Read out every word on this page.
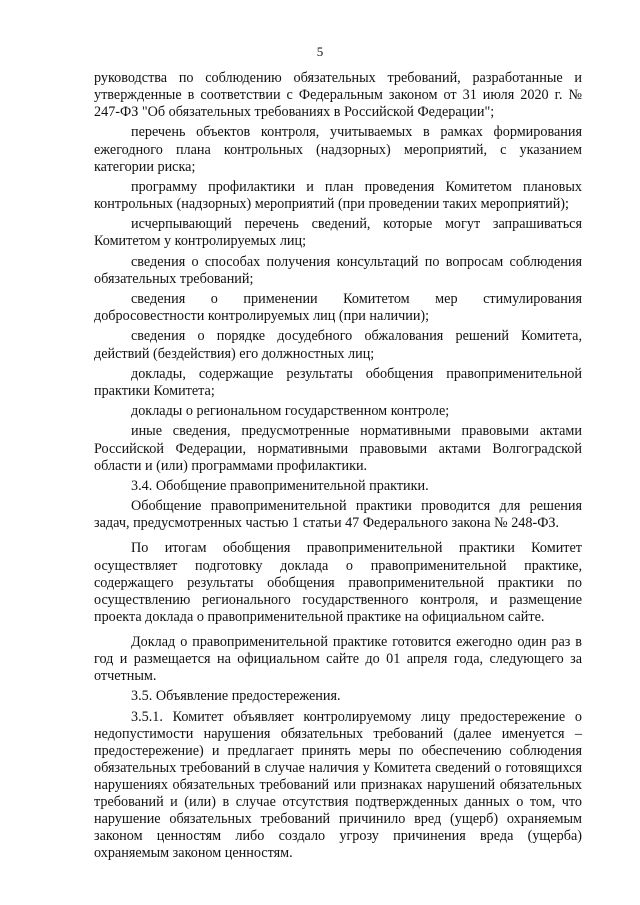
5

руководства по соблюдению обязательных требований, разработанные и утвержденные в соответствии с Федеральным законом от 31 июля 2020 г. № 247-ФЗ "Об обязательных требованиях в Российской Федерации";

перечень объектов контроля, учитываемых в рамках формирования ежегодного плана контрольных (надзорных) мероприятий, с указанием категории риска;

программу профилактики и план проведения Комитетом плановых контрольных (надзорных) мероприятий (при проведении таких мероприятий);

исчерпывающий перечень сведений, которые могут запрашиваться Комитетом у контролируемых лиц;

сведения о способах получения консультаций по вопросам соблюдения обязательных требований;

сведения о применении Комитетом мер стимулирования добросовестности контролируемых лиц (при наличии);

сведения о порядке досудебного обжалования решений Комитета, действий (бездействия) его должностных лиц;

доклады, содержащие результаты обобщения правоприменительной практики Комитета;

доклады о региональном государственном контроле;

иные сведения, предусмотренные нормативными правовыми актами Российской Федерации, нормативными правовыми актами Волгоградской области и (или) программами профилактики.

3.4. Обобщение правоприменительной практики.

Обобщение правоприменительной практики проводится для решения задач, предусмотренных частью 1 статьи 47 Федерального закона № 248-ФЗ.

По итогам обобщения правоприменительной практики Комитет осуществляет подготовку доклада о правоприменительной практике, содержащего результаты обобщения правоприменительной практики по осуществлению регионального государственного контроля, и размещение проекта доклада о правоприменительной практике на официальном сайте.

Доклад о правоприменительной практике готовится ежегодно один раз в год и размещается на официальном сайте до 01 апреля года, следующего за отчетным.

3.5. Объявление предостережения.

3.5.1. Комитет объявляет контролируемому лицу предостережение о недопустимости нарушения обязательных требований (далее именуется – предостережение) и предлагает принять меры по обеспечению соблюдения обязательных требований в случае наличия у Комитета сведений о готовящихся нарушениях обязательных требований или признаках нарушений обязательных требований и (или) в случае отсутствия подтвержденных данных о том, что нарушение обязательных требований причинило вред (ущерб) охраняемым законом ценностям либо создало угрозу причинения вреда (ущерба) охраняемым законом ценностям.
